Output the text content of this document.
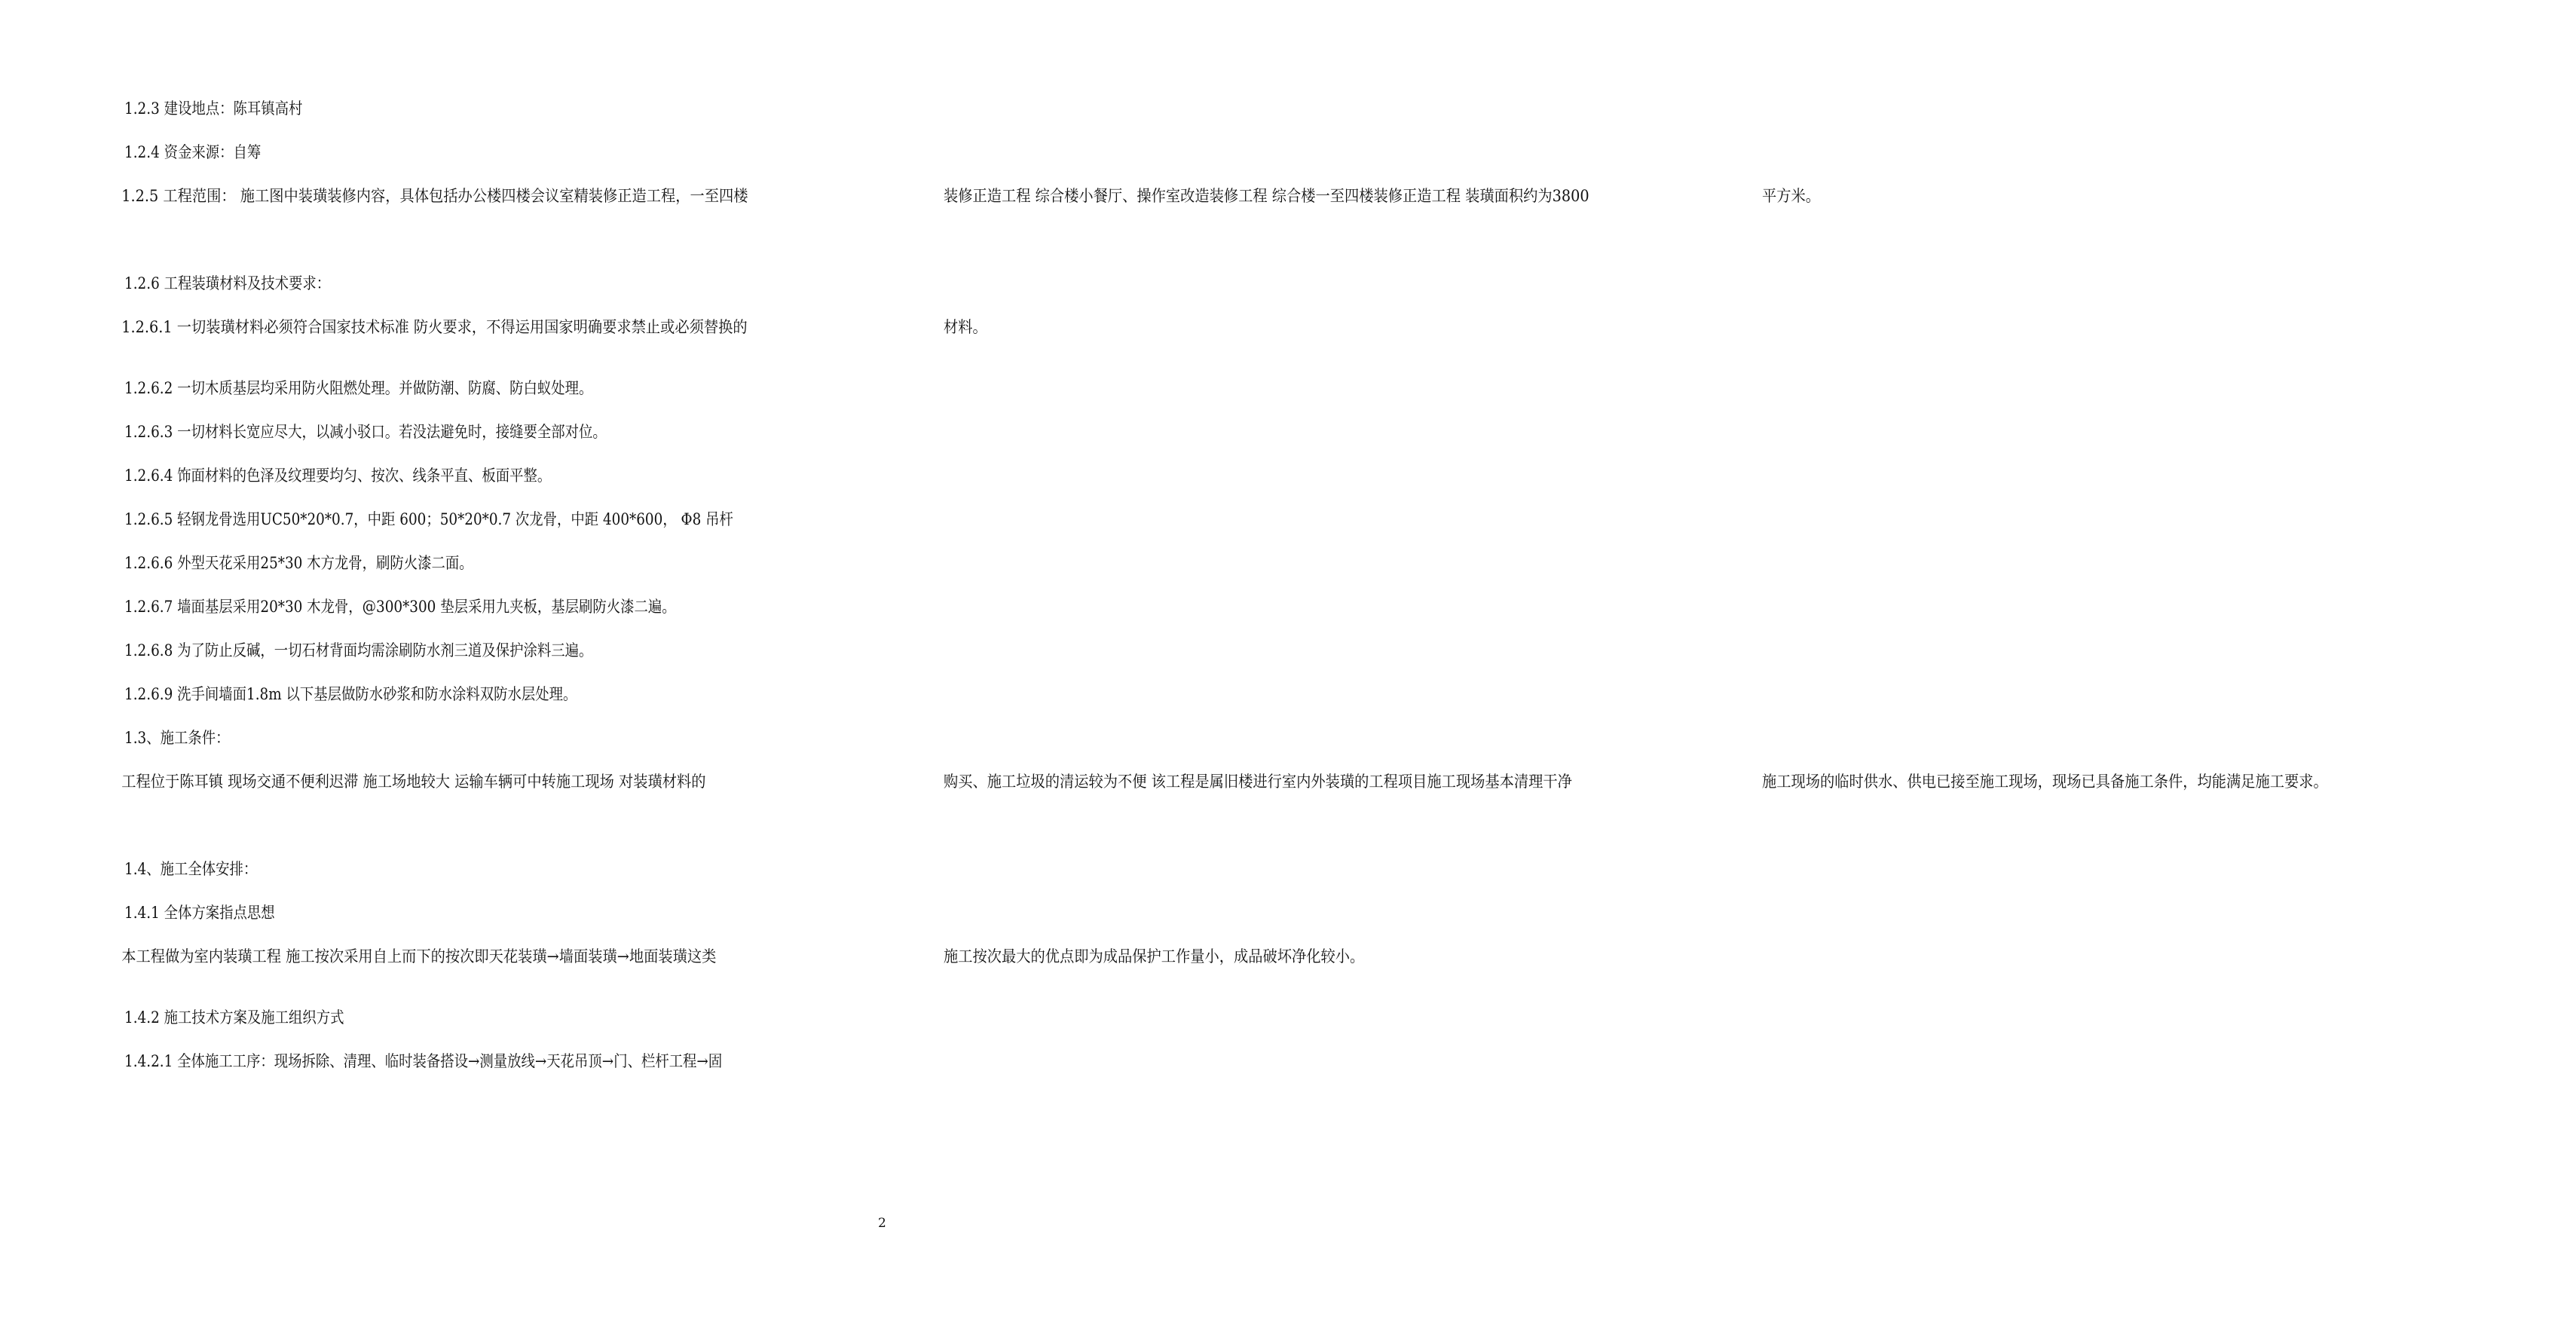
1.2.3 建设地点：陈耳镇高村
1.2.4 资金来源：自筹
1.2.5 工程范围： 施工图中装璜装修内容，具体包括办公楼四楼会议室精装修正造工程，一至四楼	装修正造工程 综合楼小餐厅、操作室改造装修工程 综合楼一至四楼装修正造工程 装璜面积约为3800	平方米。
1.2.6 工程装璜材料及技术要求：
1.2.6.1 一切装璜材料必须符合国家技术标准 防火要求，不得运用国家明确要求禁止或必须替换的	材料。
1.2.6.2 一切木质基层均采用防火阻燃处理。并做防潮、防腐、防白蚁处理。
1.2.6.3 一切材料长宽应尽大，以减小驳口。若没法避免时，接缝要全部对位。
1.2.6.4 饰面材料的色泽及纹理要均匀、按次、线条平直、板面平整。
1.2.6.5 轻钢龙骨选用UC50*20*0.7，中距 600；50*20*0.7 次龙骨，中距 400*600， Φ8 吊杆
1.2.6.6 外型天花采用25*30 木方龙骨，刷防火漆二面。
1.2.6.7 墙面基层采用20*30 木龙骨，@300*300 垫层采用九夹板，基层刷防火漆二遍。
1.2.6.8 为了防止反碱，一切石材背面均需涂刷防水剂三道及保护涂料三遍。
1.2.6.9 洗手间墙面1.8m 以下基层做防水砂浆和防水涂料双防水层处理。
1.3、施工条件：
工程位于陈耳镇 现场交通不便利迟滞 施工场地较大 运输车辆可中转施工现场 对装璜材料的	购买、施工垃圾的清运较为不便 该工程是属旧楼进行室内外装璜的工程项目施工现场基本清理干净	施工现场的临时供水、供电已接至施工现场，现场已具备施工条件，均能满足施工要求。
1.4、施工全体安排：
1.4.1 全体方案指点思想
本工程做为室内装璜工程 施工按次采用自上而下的按次即天花装璜→墙面装璜→地面装璜这类	施工按次最大的优点即为成品保护工作量小，成品破坏净化较小。
1.4.2 施工技术方案及施工组织方式
1.4.2.1 全体施工工序：现场拆除、清理、临时装备搭设→测量放线→天花吊顶→门、栏杆工程→固
2
